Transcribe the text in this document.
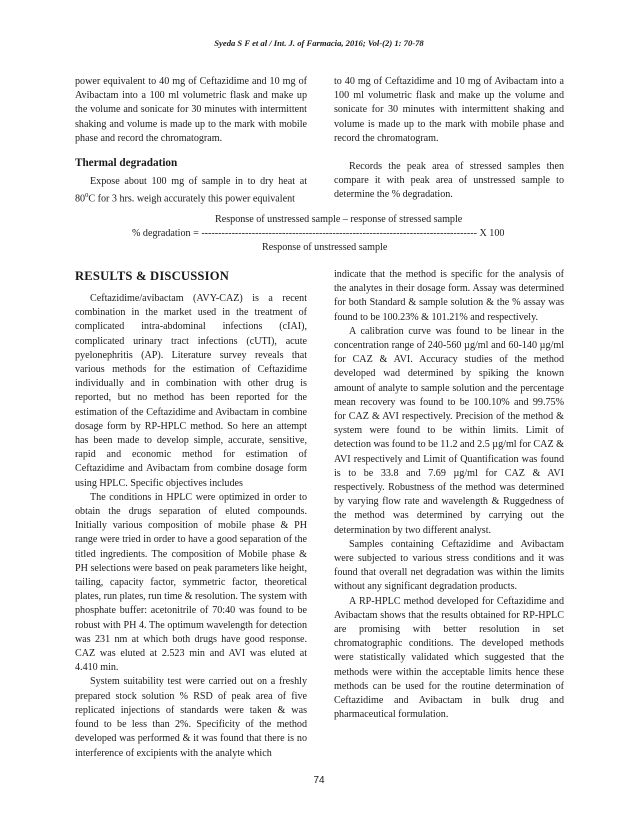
Syeda S F et al / Int. J. of Farmacia, 2016; Vol-(2) 1: 70-78

power equivalent to 40 mg of Ceftazidime and 10 mg of Avibactam into a 100 ml volumetric flask and make up the volume and sonicate for 30 minutes with intermittent shaking and volume is made up to the mark with mobile phase and record the chromatogram.

Thermal degradation

Expose about 100 mg of sample in to dry heat at $80^0C$ for 3 hrs. weigh accurately this power equivalent

to 40 mg of Ceftazidime and 10 mg of Avibactam into a 100 ml volumetric flask and make up the volume and sonicate for 30 minutes with intermittent shaking and volume is made up to the mark with mobile phase and record the chromatogram.

Records the peak area of stressed samples then compare it with peak area of unstressed sample to determine the % degradation.

Response of unstressed sample – response of stressed sample
% degradation = ---------------------------------------------------------------------------------- X 100
Response of unstressed sample
RESULTS & DISCUSSION

Ceftazidime/avibactam (AVY-CAZ) is a recent combination in the market used in the treatment of complicated intra-abdominal infections (cIAI), complicated urinary tract infections (cUTI), acute pyelonephritis (AP). Literature survey reveals that various methods for the estimation of Ceftazidime individually and in combination with other drug is reported, but no method has been reported for the estimation of the Ceftazidime and Avibactam in combine dosage form by RP-HPLC method. So here an attempt has been made to develop simple, accurate, sensitive, rapid and economic method for estimation of Ceftazidime and Avibactam from combine dosage form using HPLC. Specific objectives includes

The conditions in HPLC were optimized in order to obtain the drugs separation of eluted compounds. Initially various composition of mobile phase & PH range were tried in order to have a good separation of the titled ingredients. The composition of Mobile phase & PH selections were based on peak parameters like height, tailing, capacity factor, symmetric factor, theoretical plates, run plates, run time & resolution. The system with phosphate buffer: acetonitrile of 70:40 was found to be robust with PH 4. The optimum wavelength for detection was 231 nm at which both drugs have good response. CAZ was eluted at 2.523 min and AVI was eluted at 4.410 min.

System suitability test were carried out on a freshly prepared stock solution % RSD of peak area of five replicated injections of standards were taken & was found to be less than 2%. Specificity of the method developed was performed & it was found that there is no interference of excipients with the analyte which

indicate that the method is specific for the analysis of the analytes in their dosage form. Assay was determined for both Standard & sample solution & the % assay was found to be 100.23% & 101.21% and respectively.

A calibration curve was found to be linear in the concentration range of 240-560 µg/ml and 60-140 µg/ml for CAZ & AVI. Accuracy studies of the method developed wad determined by spiking the known amount of analyte to sample solution and the percentage mean recovery was found to be 100.10% and 99.75% for CAZ & AVI respectively. Precision of the method & system were found to be within limits. Limit of detection was found to be 11.2 and 2.5 µg/ml for CAZ & AVI respectively and Limit of Quantification was found is to be 33.8 and 7.69 µg/ml for CAZ & AVI respectively. Robustness of the method was determined by varying flow rate and wavelength & Ruggedness of the method was determined by carrying out the determination by two different analyst.

Samples containing Ceftazidime and Avibactam were subjected to various stress conditions and it was found that overall net degradation was within the limits without any significant degradation products.

A RP-HPLC method developed for Ceftazidime and Avibactam shows that the results obtained for RP-HPLC are promising with better resolution in set chromatographic conditions. The developed methods were statistically validated which suggested that the methods were within the acceptable limits hence these methods can be used for the routine determination of Ceftazidime and Avibactam in bulk drug and pharmaceutical formulation.

74
